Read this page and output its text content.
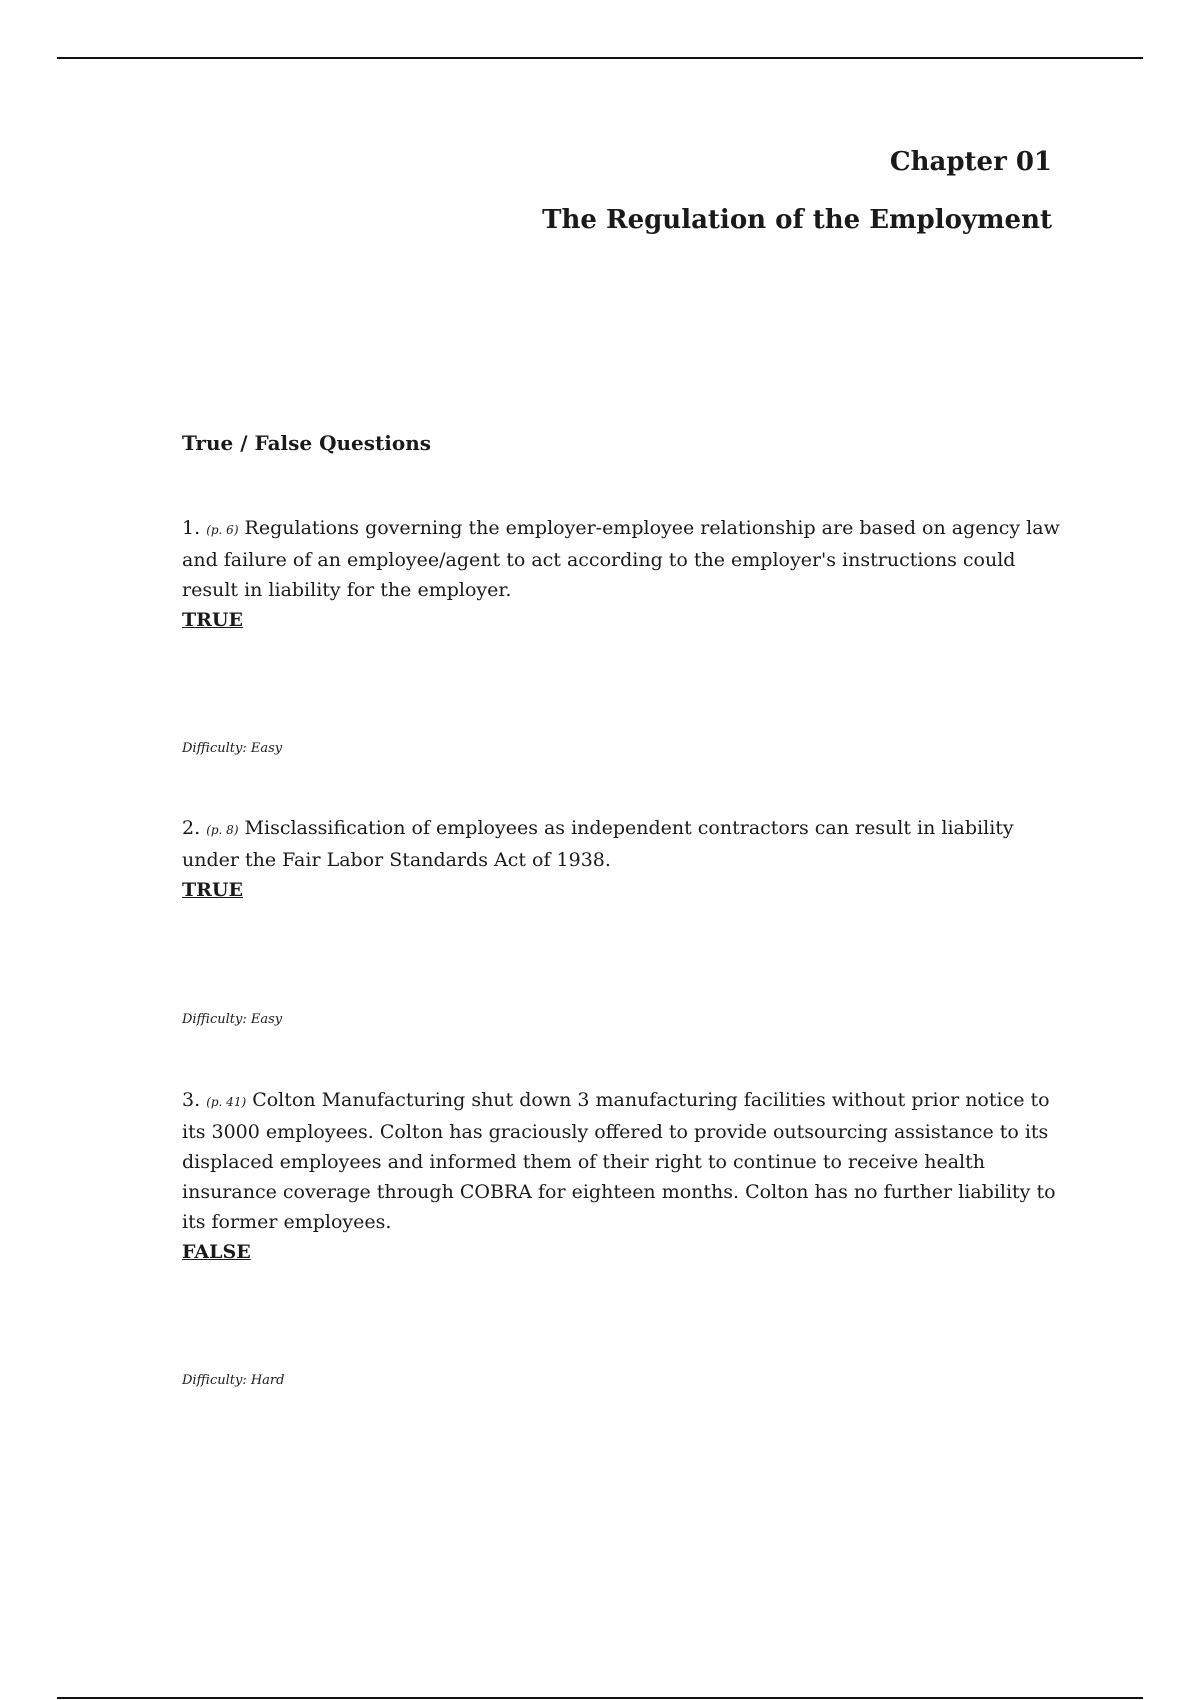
Chapter 01
The Regulation of the Employment
True / False Questions

1. (p. 6) Regulations governing the employer-employee relationship are based on agency law and failure of an employee/agent to act according to the employer's instructions could result in liability for the employer.

TRUE

Difficulty: Easy

2. (p. 8) Misclassification of employees as independent contractors can result in liability under the Fair Labor Standards Act of 1938.

TRUE

Difficulty: Easy

3. (p. 41) Colton Manufacturing shut down 3 manufacturing facilities without prior notice to its 3000 employees. Colton has graciously offered to provide outsourcing assistance to its displaced employees and informed them of their right to continue to receive health insurance coverage through COBRA for eighteen months. Colton has no further liability to its former employees.

FALSE

Difficulty: Hard
